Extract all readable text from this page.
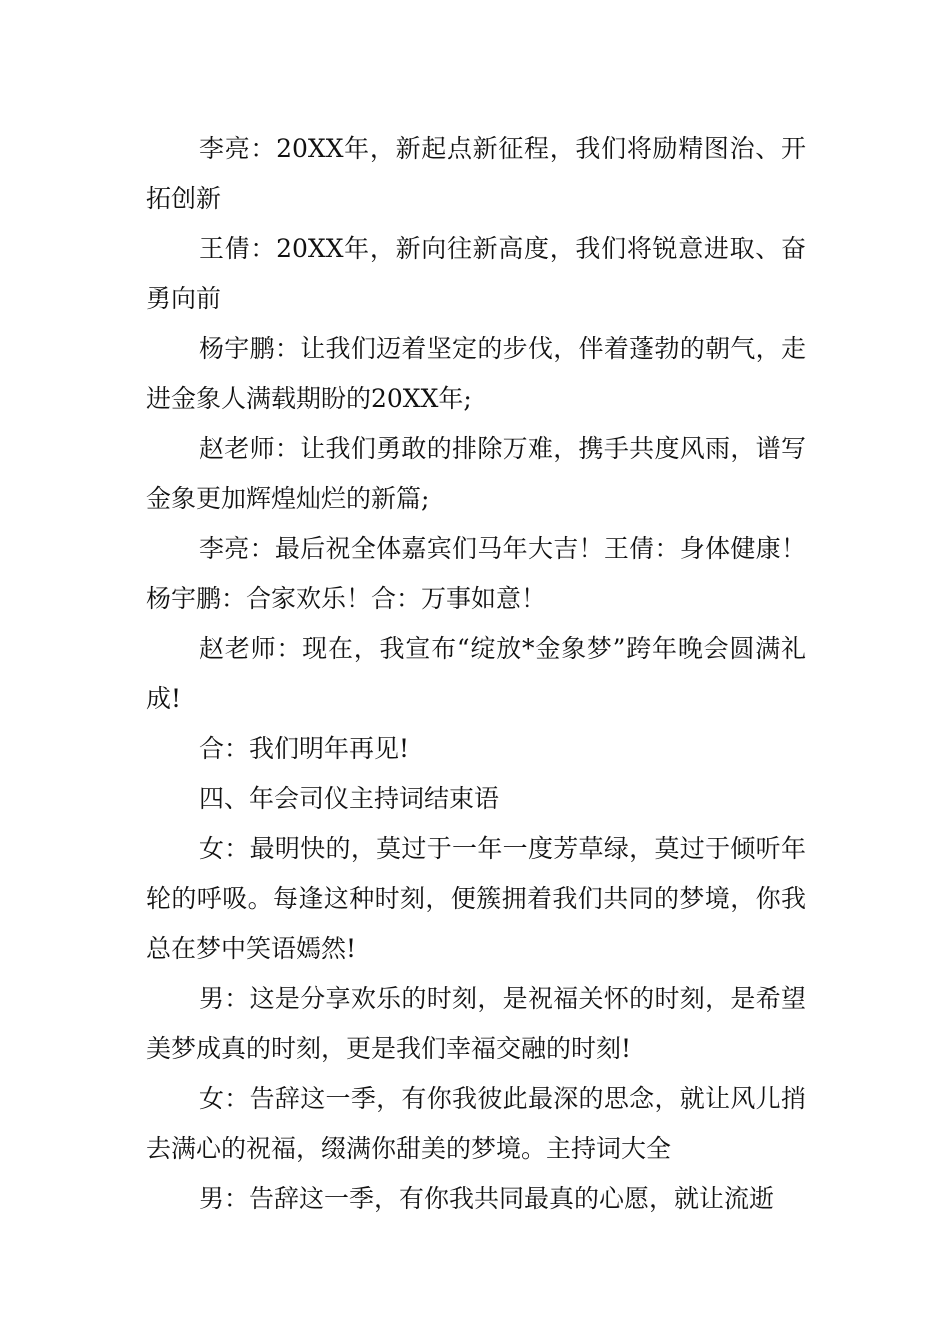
李亮：20XX年，新起点新征程，我们将励精图治、开拓创新

王倩：20XX年，新向往新高度，我们将锐意进取、奋勇向前

杨宇鹏：让我们迈着坚定的步伐，伴着蓬勃的朝气，走进金象人满载期盼的20XX年;

赵老师：让我们勇敢的排除万难，携手共度风雨，谱写金象更加辉煌灿烂的新篇;

李亮：最后祝全体嘉宾们马年大吉！王倩：身体健康！杨宇鹏：合家欢乐！合：万事如意！

赵老师：现在，我宣布“绽放*金象梦”跨年晚会圆满礼成!

合：我们明年再见!

四、年会司仪主持词结束语

女：最明快的，莫过于一年一度芳草绿，莫过于倾听年轮的呼吸。每逢这种时刻，便簇拥着我们共同的梦境，你我总在梦中笑语嫣然!

男：这是分享欢乐的时刻，是祝福关怀的时刻，是希望美梦成真的时刻，更是我们幸福交融的时刻!

女：告辞这一季，有你我彼此最深的思念，就让风儿捎去满心的祝福，缀满你甜美的梦境。主持词大全

男：告辞这一季，有你我共同最真的心愿，就让流逝
